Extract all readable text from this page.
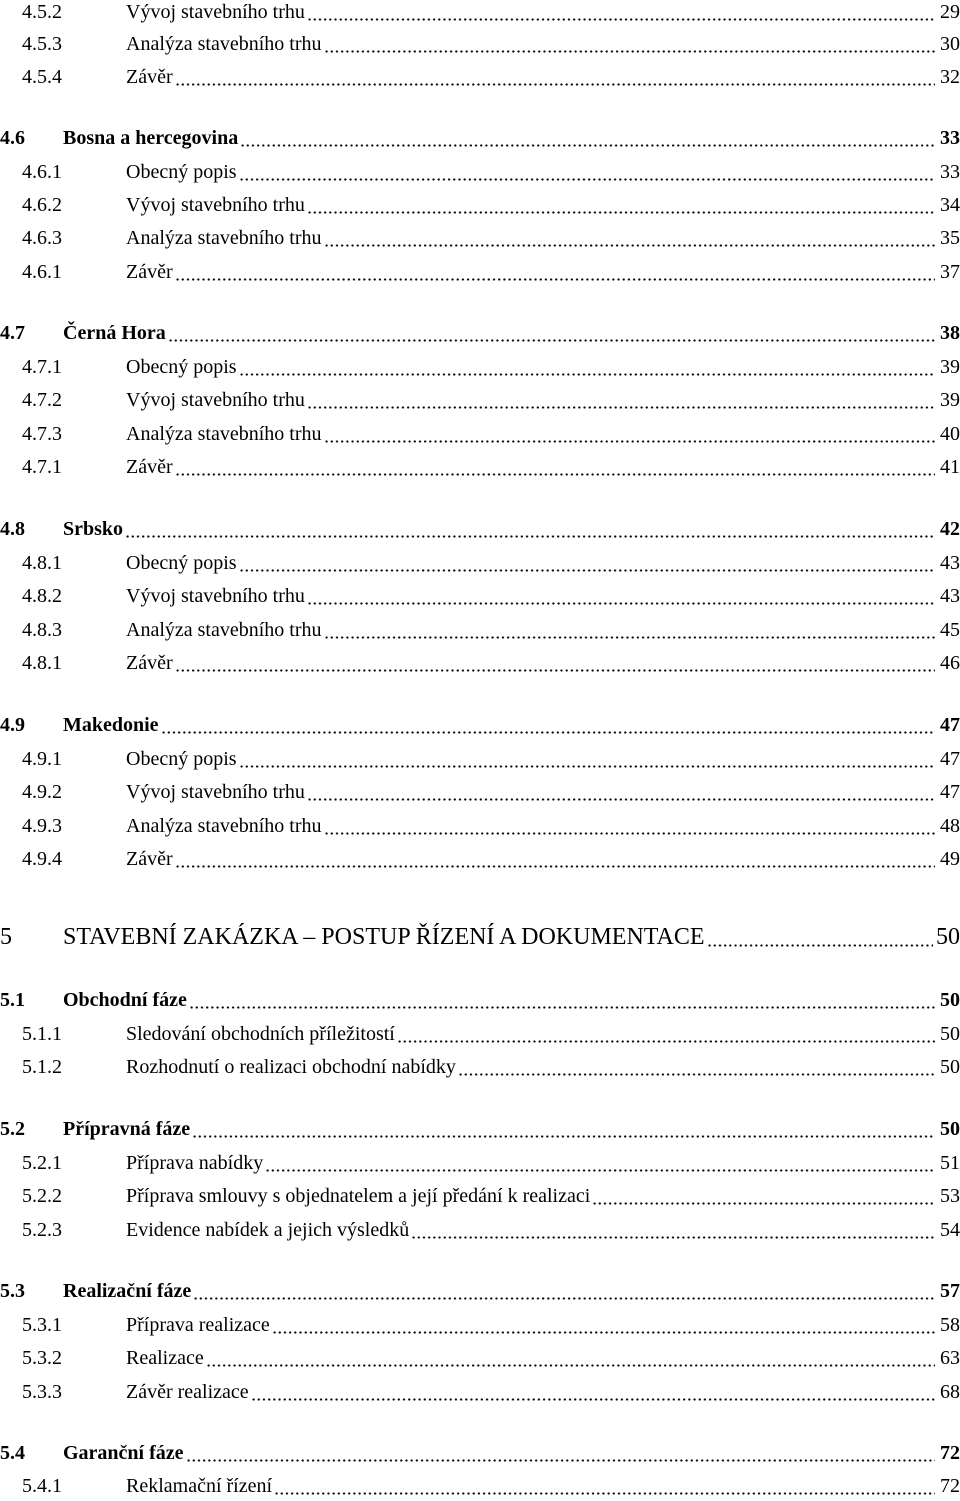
4.5.2	Vývoj stavebního trhu	29
4.5.3	Analýza stavebního trhu	30
4.5.4	Závěr	32
4.6 Bosna a hercegovina	33
4.6.1	Obecný popis	33
4.6.2	Vývoj stavebního trhu	34
4.6.3	Analýza stavebního trhu	35
4.6.1	Závěr	37
4.7 Černá Hora	38
4.7.1	Obecný popis	39
4.7.2	Vývoj stavebního trhu	39
4.7.3	Analýza stavebního trhu	40
4.7.1	Závěr	41
4.8 Srbsko	42
4.8.1	Obecný popis	43
4.8.2	Vývoj stavebního trhu	43
4.8.3	Analýza stavebního trhu	45
4.8.1	Závěr	46
4.9 Makedonie	47
4.9.1	Obecný popis	47
4.9.2	Vývoj stavebního trhu	47
4.9.3	Analýza stavebního trhu	48
4.9.4	Závěr	49
5 STAVEBNÍ ZAKÁZKA – POSTUP ŘÍZENÍ A DOKUMENTACE	50
5.1 Obchodní fáze	50
5.1.1	Sledování obchodních příležitostí	50
5.1.2	Rozhodnutí o realizaci obchodní nabídky	50
5.2 Přípravná fáze	50
5.2.1	Příprava nabídky	51
5.2.2	Příprava smlouvy s objednatelem a její předání k realizaci	53
5.2.3	Evidence nabídek a jejich výsledků	54
5.3 Realizační fáze	57
5.3.1	Příprava realizace	58
5.3.2	Realizace	63
5.3.3	Závěr realizace	68
5.4 Garanční fáze	72
5.4.1	Reklamační řízení	72
